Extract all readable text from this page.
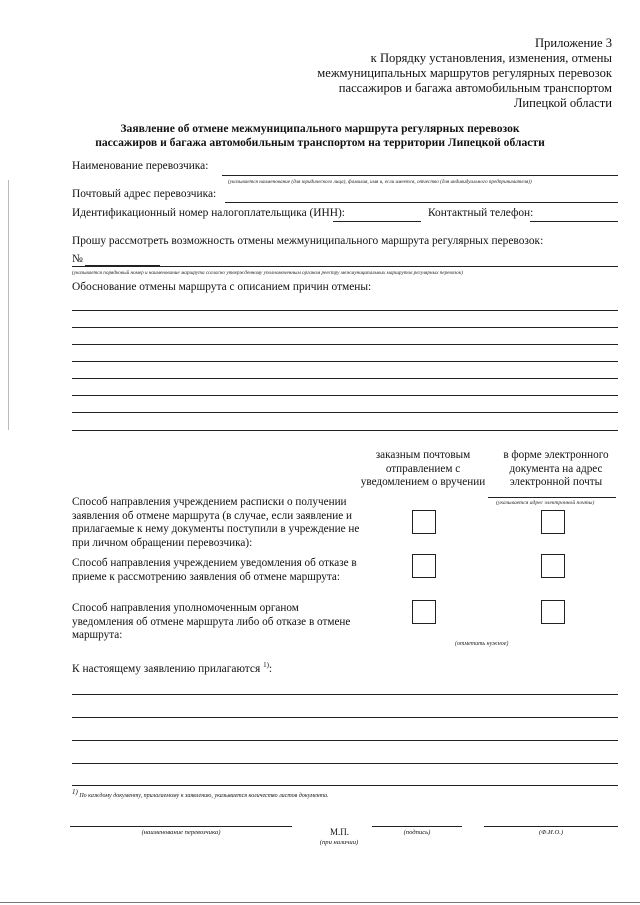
Приложение 3
к Порядку установления, изменения, отмены
межмуниципальных маршрутов регулярных перевозок
пассажиров и багажа автомобильным транспортом
Липецкой области
Заявление об отмене межмуниципального маршрута регулярных перевозок
пассажиров и багажа автомобильным транспортом на территории Липецкой области
Наименование перевозчика:
(указывается наименование (для юридического лица), фамилия, имя и, если имеется, отчество (для индивидуального предпринимателя))
Почтовый адрес перевозчика:
Идентификационный номер налогоплательщика (ИНН):	Контактный телефон:
Прошу рассмотреть возможность отмены межмуниципального маршрута регулярных перевозок:
№
(указывается порядковый номер и наименование маршрута согласно утвержденному уполномоченным органом реестру межмуниципальных маршрутов регулярных перевозок)
Обоснование отмены маршрута с описанием причин отмены:
заказным почтовым отправлением с уведомлением о вручении
в форме электронного документа на адрес электронной почты
(указывается адрес электронной почты)
Способ направления учреждением расписки о получении заявления об отмене маршрута (в случае, если заявление и прилагаемые к нему документы поступили в учреждение не при личном обращении перевозчика):
Способ направления учреждением уведомления об отказе в приеме к рассмотрению заявления об отмене маршрута:
Способ направления уполномоченным органом уведомления об отмене маршрута либо об отказе в отмене маршрута:
(отметить нужное)
К настоящему заявлению прилагаются $^{1)}$:
1) По каждому документу, прилагаемому к заявлению, указывается количество листов документа.
(наименование перевозчика)	М.П.
(при наличии)
(подпись)	(Ф.И.О.)
